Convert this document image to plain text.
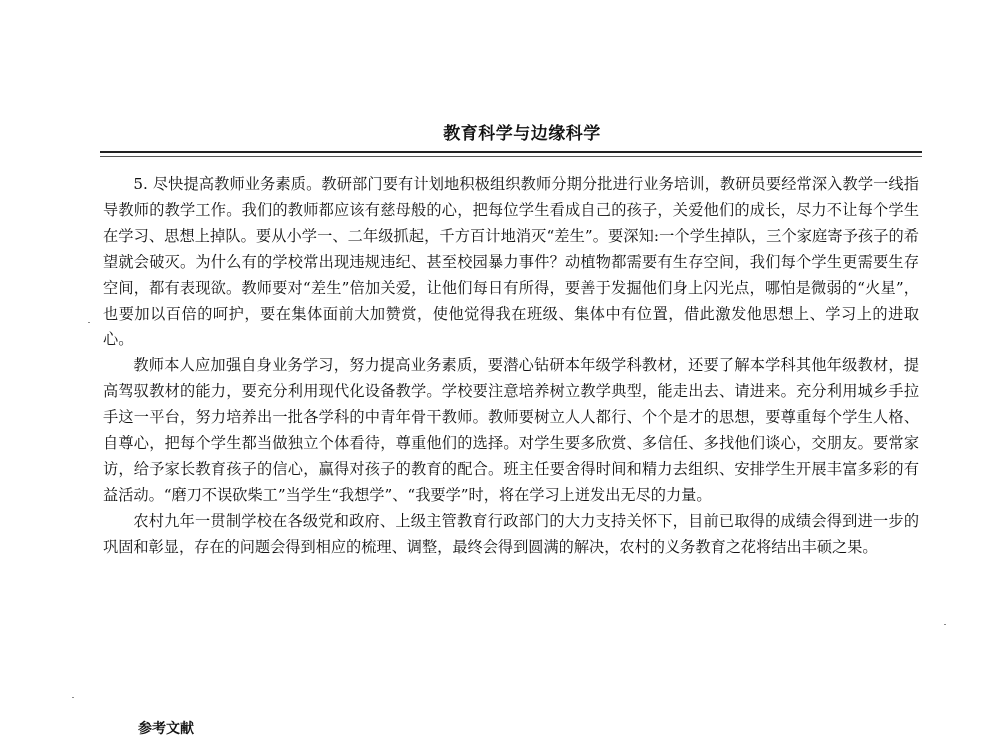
教育科学与边缘科学

5. 尽快提高教师业务素质。教研部门要有计划地积极组织教师分期分批进行业务培训，教研员要经常深入教学一线指导教师的教学工作。我们的教师都应该有慈母般的心，把每位学生看成自己的孩子，关爱他们的成长，尽力不让每个学生在学习、思想上掉队。要从小学一、二年级抓起，千方百计地消灭“差生”。要深知:一个学生掉队，三个家庭寄予孩子的希望就会破灭。为什么有的学校常出现违规违纪、甚至校园暴力事件？动植物都需要有生存空间，我们每个学生更需要生存空间，都有表现欲。教师要对“差生”倍加关爱，让他们每日有所得，要善于发掘他们身上闪光点，哪怕是微弱的“火星”，也要加以百倍的呵护，要在集体面前大加赞赏，使他觉得我在班级、集体中有位置，借此激发他思想上、学习上的进取心。

教师本人应加强自身业务学习，努力提高业务素质，要潜心钻研本年级学科教材，还要了解本学科其他年级教材，提高驾驭教材的能力，要充分利用现代化设备教学。学校要注意培养树立教学典型，能走出去、请进来。充分利用城乡手拉手这一平台，努力培养出一批各学科的中青年骨干教师。教师要树立人人都行、个个是才的思想，要尊重每个学生人格、自尊心，把每个学生都当做独立个体看待，尊重他们的选择。对学生要多欣赏、多信任、多找他们谈心，交朋友。要常家访，给予家长教育孩子的信心，赢得对孩子的教育的配合。班主任要舍得时间和精力去组织、安排学生开展丰富多彩的有益活动。“磨刀不误砍柴工”当学生“我想学”、“我要学”时，将在学习上迸发出无尽的力量。

农村九年一贯制学校在各级党和政府、上级主管教育行政部门的大力支持关怀下，目前已取得的成绩会得到进一步的巩固和彰显，存在的问题会得到相应的梳理、调整，最终会得到圆满的解决，农村的义务教育之花将结出丰硕之果。

参考文献
